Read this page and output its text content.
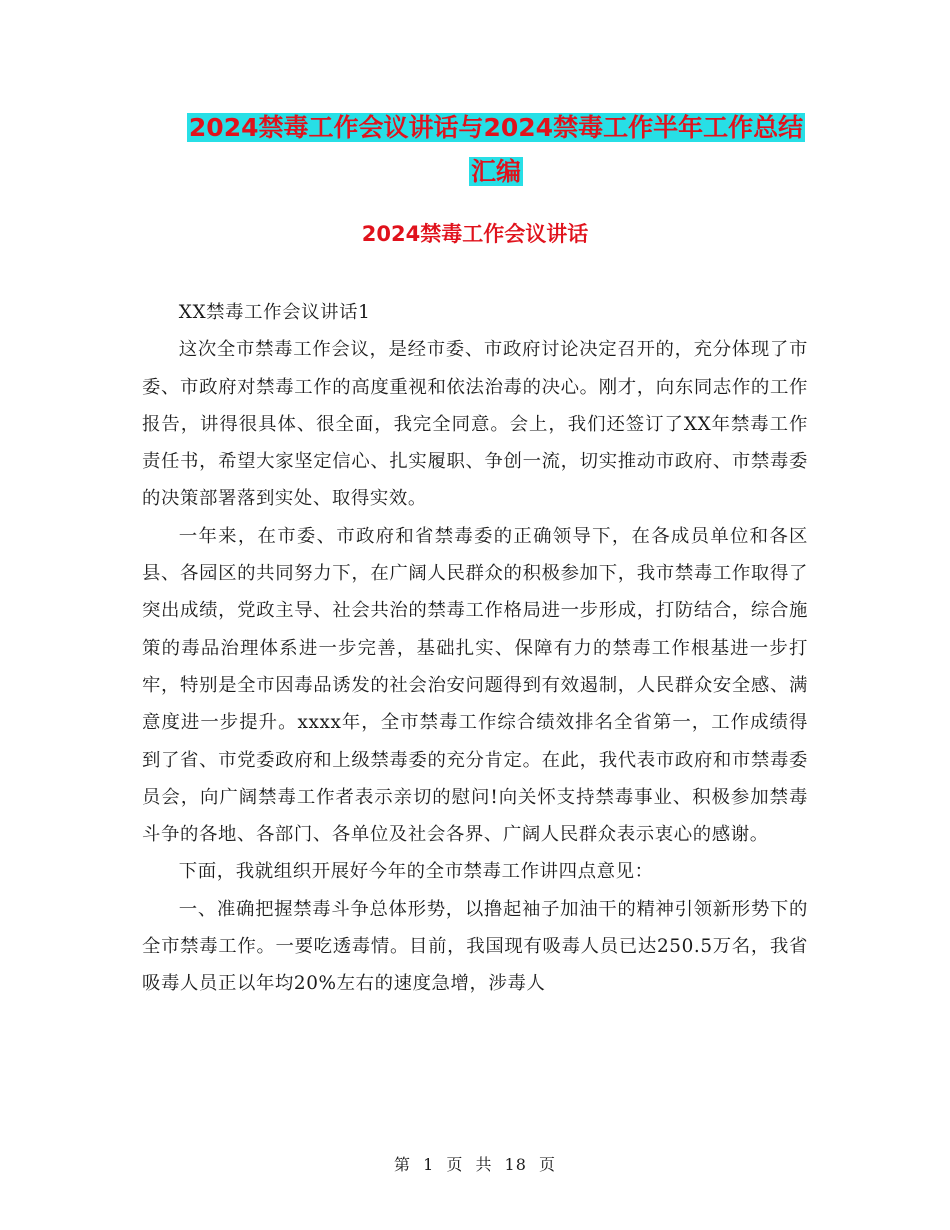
2024禁毒工作会议讲话与2024禁毒工作半年工作总结
汇编
2024禁毒工作会议讲话

XX禁毒工作会议讲话1

这次全市禁毒工作会议，是经市委、市政府讨论决定召开的，充分体现了市委、市政府对禁毒工作的高度重视和依法治毒的决心。刚才，向东同志作的工作报告，讲得很具体、很全面，我完全同意。会上，我们还签订了XX年禁毒工作责任书，希望大家坚定信心、扎实履职、争创一流，切实推动市政府、市禁毒委的决策部署落到实处、取得实效。

一年来，在市委、市政府和省禁毒委的正确领导下，在各成员单位和各区县、各园区的共同努力下，在广阔人民群众的积极参加下，我市禁毒工作取得了突出成绩，党政主导、社会共治的禁毒工作格局进一步形成，打防结合，综合施策的毒品治理体系进一步完善，基础扎实、保障有力的禁毒工作根基进一步打牢，特别是全市因毒品诱发的社会治安问题得到有效遏制，人民群众安全感、满意度进一步提升。xxxx年，全市禁毒工作综合绩效排名全省第一，工作成绩得到了省、市党委政府和上级禁毒委的充分肯定。在此，我代表市政府和市禁毒委员会，向广阔禁毒工作者表示亲切的慰问!向关怀支持禁毒事业、积极参加禁毒斗争的各地、各部门、各单位及社会各界、广阔人民群众表示衷心的感谢。

下面，我就组织开展好今年的全市禁毒工作讲四点意见：

一、准确把握禁毒斗争总体形势，以撸起袖子加油干的精神引领新形势下的全市禁毒工作。一要吃透毒情。目前，我国现有吸毒人员已达250.5万名，我省吸毒人员正以年均20%左右的速度急增，涉毒人

第 1 页 共 18 页
